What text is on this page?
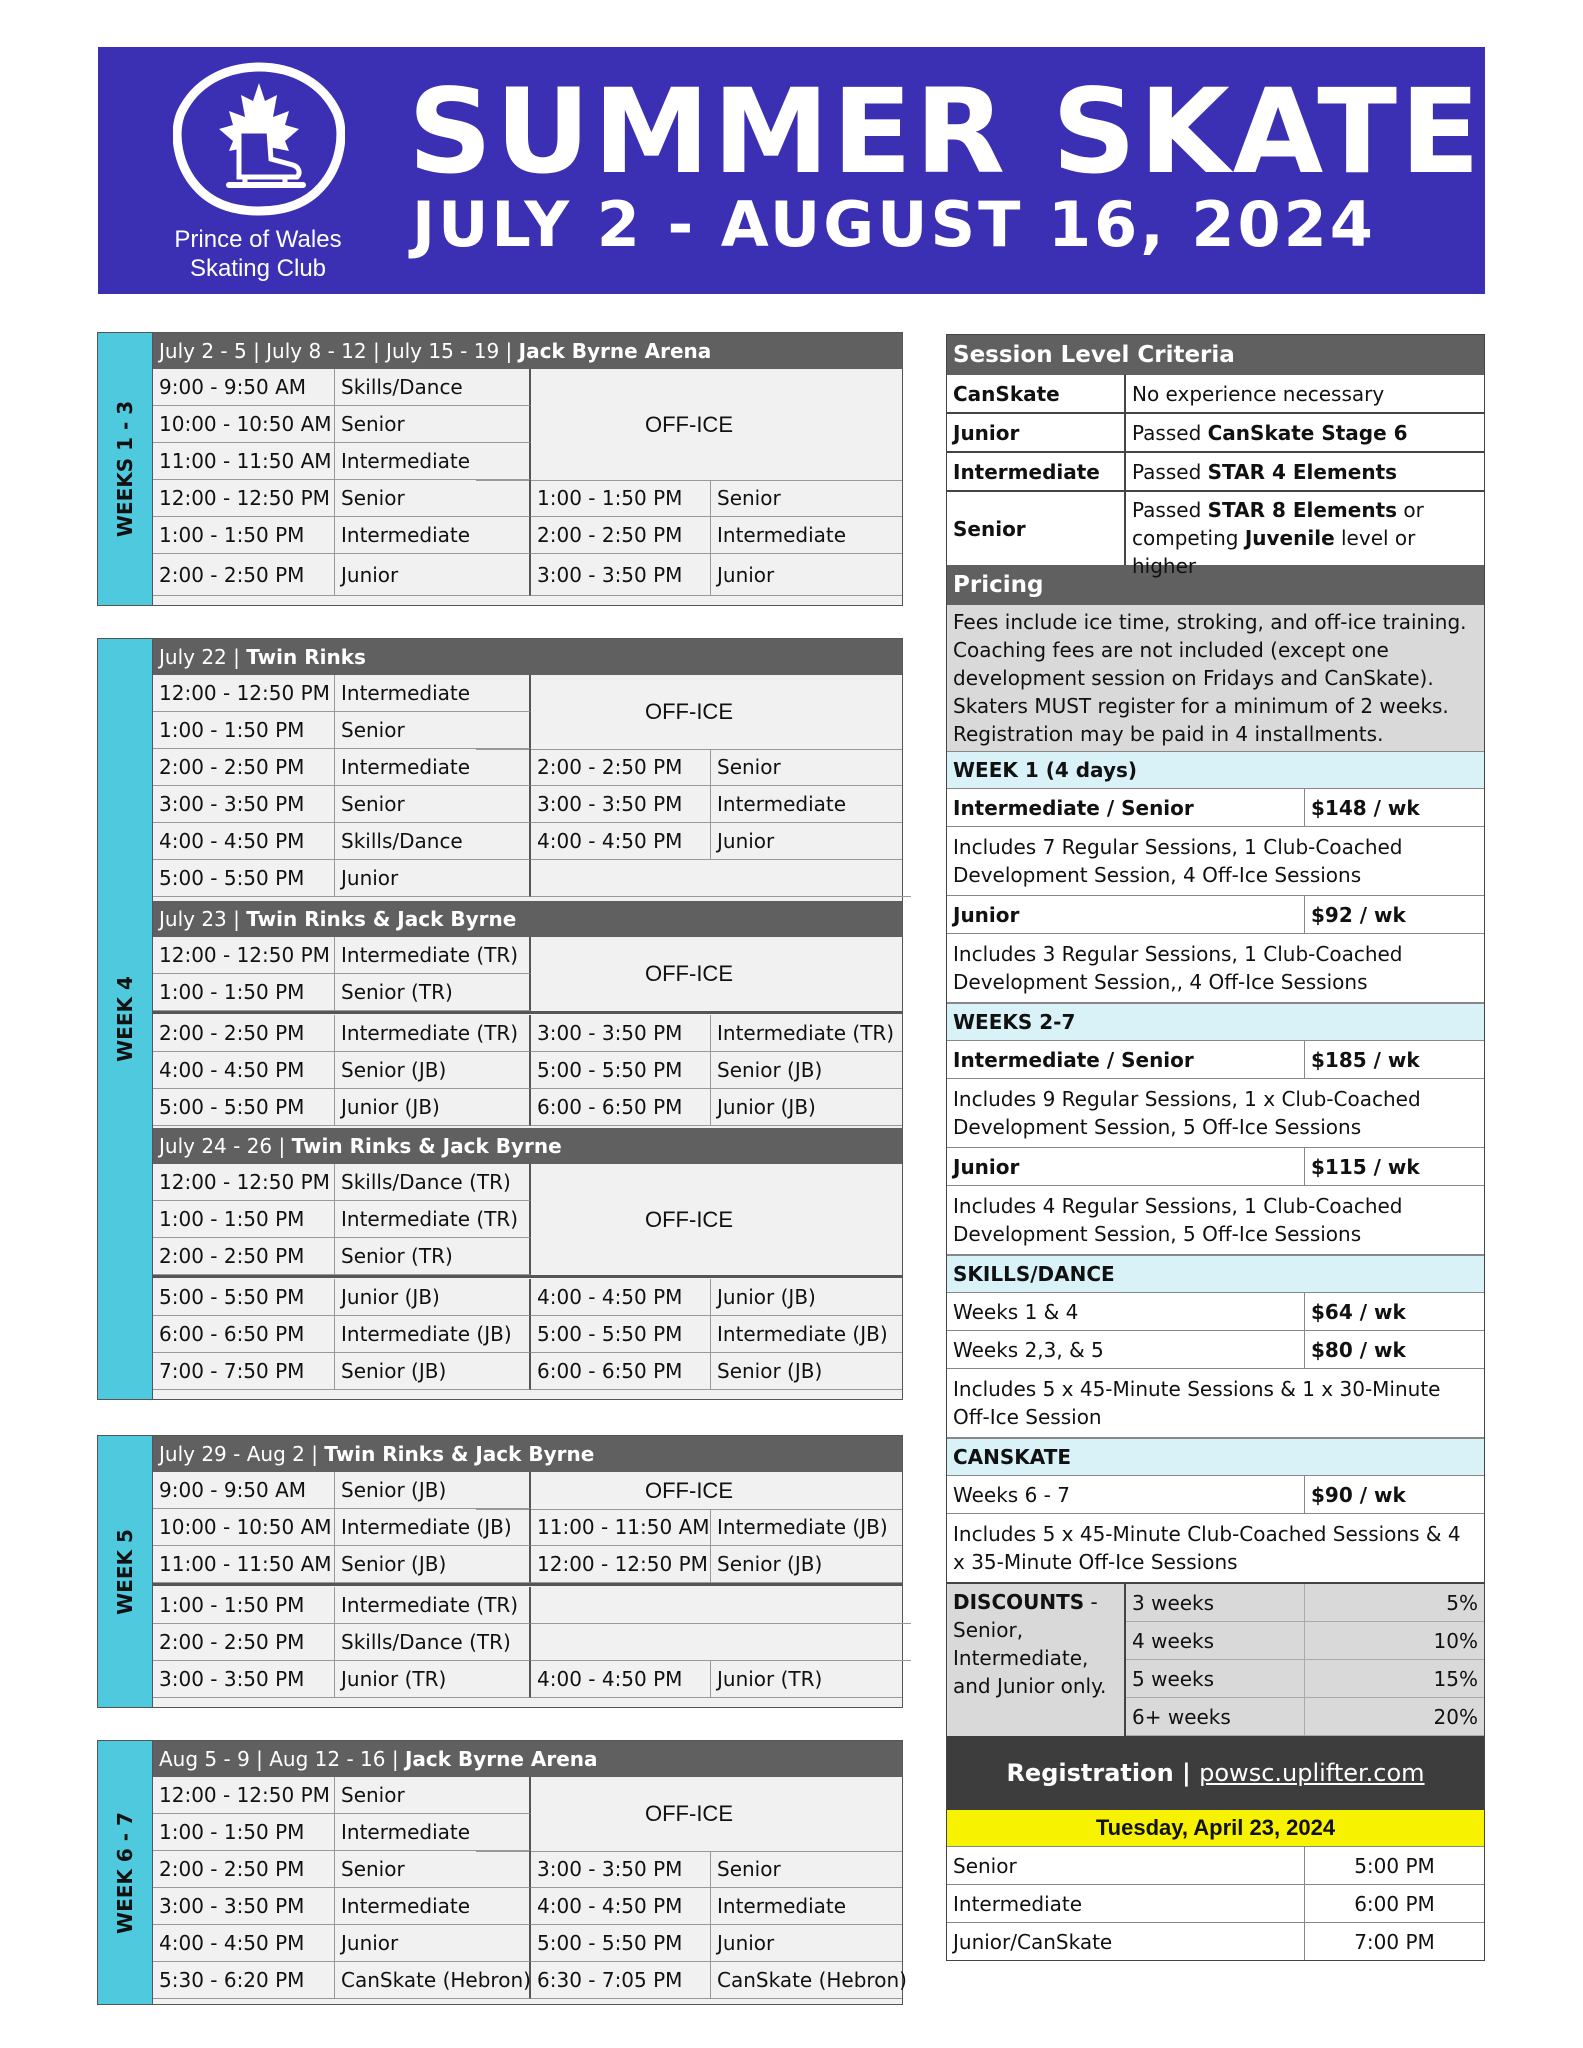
Prince of Wales
Skating Club
SUMMER SKATE
JULY 2 - AUGUST 16, 2024
WEEKS 1 - 3
July 2 - 5 | July 8 - 12 | July 15 - 19 | Jack Byrne Arena
OFF-ICE
9:00 - 9:50 AM	Skills/Dance
10:00 - 10:50 AM Senior
11:00 - 11:50 AM Intermediate
12:00 - 12:50 PM Senior	1:00 - 1:50 PM	Senior
1:00 - 1:50 PM	Intermediate	2:00 - 2:50 PM	Intermediate
2:00 - 2:50 PM	Junior	3:00 - 3:50 PM	Junior
WEEK 4
July 22 | Twin Rinks
OFF-ICE
July 23 | Twin Rinks & Jack Byrne
OFF-ICE
July 24 - 26 | Twin Rinks & Jack Byrne
OFF-ICE
12:00 - 12:50 PM Intermediate
1:00 - 1:50 PM	Senior
2:00 - 2:50 PM	Intermediate	2:00 - 2:50 PM	Senior
3:00 - 3:50 PM	Senior	3:00 - 3:50 PM	Intermediate
4:00 - 4:50 PM	Skills/Dance	4:00 - 4:50 PM	Junior
5:00 - 5:50 PM	Junior
12:00 - 12:50 PM Intermediate (TR)
1:00 - 1:50 PM	Senior (TR)
2:00 - 2:50 PM	Intermediate (TR) 3:00 - 3:50 PM	Intermediate (TR)
4:00 - 4:50 PM	Senior (JB)	5:00 - 5:50 PM	Senior (JB)
5:00 - 5:50 PM	Junior (JB)	6:00 - 6:50 PM	Junior (JB)
12:00 - 12:50 PM Skills/Dance (TR)
1:00 - 1:50 PM	Intermediate (TR)
2:00 - 2:50 PM	Senior (TR)
5:00 - 5:50 PM	Junior (JB)	4:00 - 4:50 PM	Junior (JB)
6:00 - 6:50 PM	Intermediate (JB)	5:00 - 5:50 PM	Intermediate (JB)
7:00 - 7:50 PM	Senior (JB)	6:00 - 6:50 PM	Senior (JB)
WEEK 5
July 29 - Aug 2 | Twin Rinks & Jack Byrne
OFF-ICE
9:00 - 9:50 AM	Senior (JB)
10:00 - 10:50 AM Intermediate (JB)	11:00 - 11:50 AM Intermediate (JB)
11:00 - 11:50 AM Senior (JB)	12:00 - 12:50 PM Senior (JB)
1:00 - 1:50 PM	Intermediate (TR)
2:00 - 2:50 PM	Skills/Dance (TR)
3:00 - 3:50 PM	Junior (TR)	4:00 - 4:50 PM	Junior (TR)
WEEK 6 - 7
Aug 5 - 9 | Aug 12 - 16 | Jack Byrne Arena
OFF-ICE
12:00 - 12:50 PM Senior
1:00 - 1:50 PM	Intermediate
2:00 - 2:50 PM	Senior	3:00 - 3:50 PM	Senior
3:00 - 3:50 PM	Intermediate	4:00 - 4:50 PM	Intermediate
4:00 - 4:50 PM	Junior	5:00 - 5:50 PM	Junior
5:30 - 6:20 PM	CanSkate (Hebron) 6:30 - 7:05 PM	CanSkate (Hebron)
Session Level Criteria
CanSkate	No experience necessary
Junior	Passed CanSkate Stage 6
Intermediate	Passed STAR 4 Elements
Senior
Passed STAR 8 Elements or competing Juvenile level or higher
Pricing
Fees include ice time, stroking, and off-ice training. Coaching fees are not included (except one development session on Fridays and CanSkate). Skaters MUST register for a minimum of 2 weeks. Registration may be paid in 4 installments.
WEEK 1 (4 days)
Intermediate / Senior	$148 / wk
Includes 7 Regular Sessions, 1 Club-Coached Development Session, 4 Off-Ice Sessions
Junior	$92 / wk
Includes 3 Regular Sessions, 1 Club-Coached Development Session,, 4 Off-Ice Sessions
WEEKS 2-7
Intermediate / Senior	$185 / wk
Includes 9 Regular Sessions, 1 x Club-Coached Development Session, 5 Off-Ice Sessions
Junior	$115 / wk
Includes 4 Regular Sessions, 1 Club-Coached Development Session, 5 Off-Ice Sessions
SKILLS/DANCE
Weeks 1 & 4	$64 / wk
Weeks 2,3, & 5	$80 / wk
Includes 5 x 45-Minute Sessions & 1 x 30-Minute Off-Ice Session
CANSKATE
Weeks 6 - 7	$90 / wk
Includes 5 x 45-Minute Club-Coached Sessions & 4 x 35-Minute Off-Ice Sessions
DISCOUNTS - Senior, Intermediate, and Junior only.
3 weeks	5%
4 weeks	10%
5 weeks	15%
6+ weeks	20%
Registration | powsc.uplifter.com
Tuesday, April 23, 2024
Senior	5:00 PM
Intermediate	6:00 PM
Junior/CanSkate	7:00 PM
